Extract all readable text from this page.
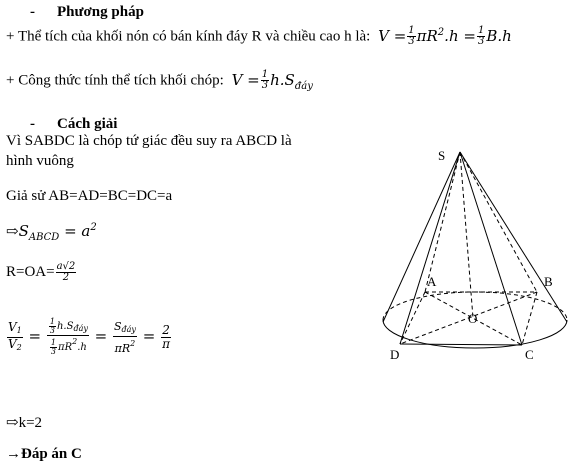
- Phương pháp
+ Thể tích của khối nón có bán kính đáy R và chiều cao h là: $V = \frac{1}{3} \pi R^2.h = \frac{1}{3} B.h$
+ Công thức tính thể tích khối chóp: $V = \frac{1}{3} h.S_{đáy}$
- Cách giải
Vì SABDC là chóp tứ giác đều suy ra ABCD là
hình vuông
Giả sử AB=AD=BC=DC=a
$⇨S_{ABCD} = a^2$
$R=OA= \frac{a√2}{2}$
$\frac{V_1}{V_2} = \frac{\frac{1}{3} h.S_{đáy}}{\frac{1}{3} \pi R^2.h} = \frac{S_{đáy}}{\pi R^2} = \frac{2}{\pi}$
⇨k=2
→Đáp án C
S
A	B
O
D	C
